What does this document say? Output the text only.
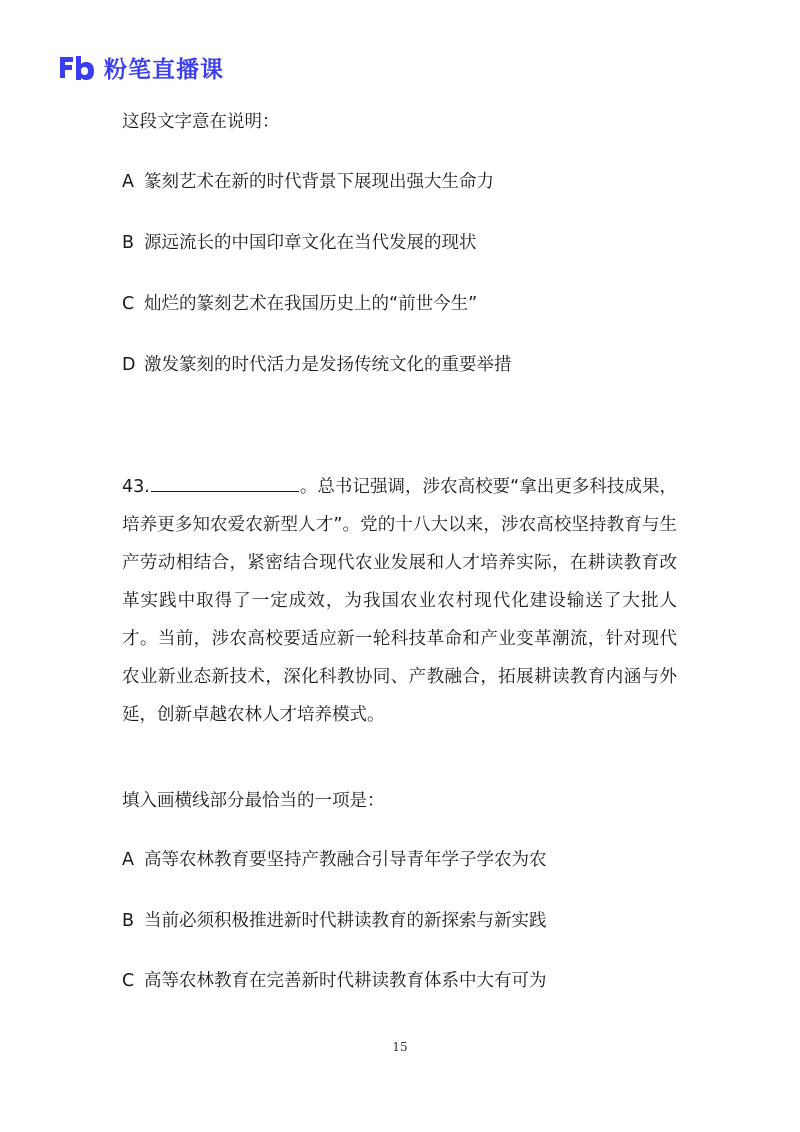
粉笔直播课
这段文字意在说明：
A 篆刻艺术在新的时代背景下展现出强大生命力
B 源远流长的中国印章文化在当代发展的现状
C 灿烂的篆刻艺术在我国历史上的“前世今生”
D 激发篆刻的时代活力是发扬传统文化的重要举措

43.	。总书记强调，涉农高校要“拿出更多科技成果，培养更多知农爱农新型人才”。党的十八大以来，涉农高校坚持教育与生产劳动相结合，紧密结合现代农业发展和人才培养实际，在耕读教育改革实践中取得了一定成效，为我国农业农村现代化建设输送了大批人才。当前，涉农高校要适应新一轮科技革命和产业变革潮流，针对现代农业新业态新技术，深化科教协同、产教融合，拓展耕读教育内涵与外延，创新卓越农林人才培养模式。

填入画横线部分最恰当的一项是：
A 高等农林教育要坚持产教融合引导青年学子学农为农
B 当前必须积极推进新时代耕读教育的新探索与新实践
C 高等农林教育在完善新时代耕读教育体系中大有可为
15
